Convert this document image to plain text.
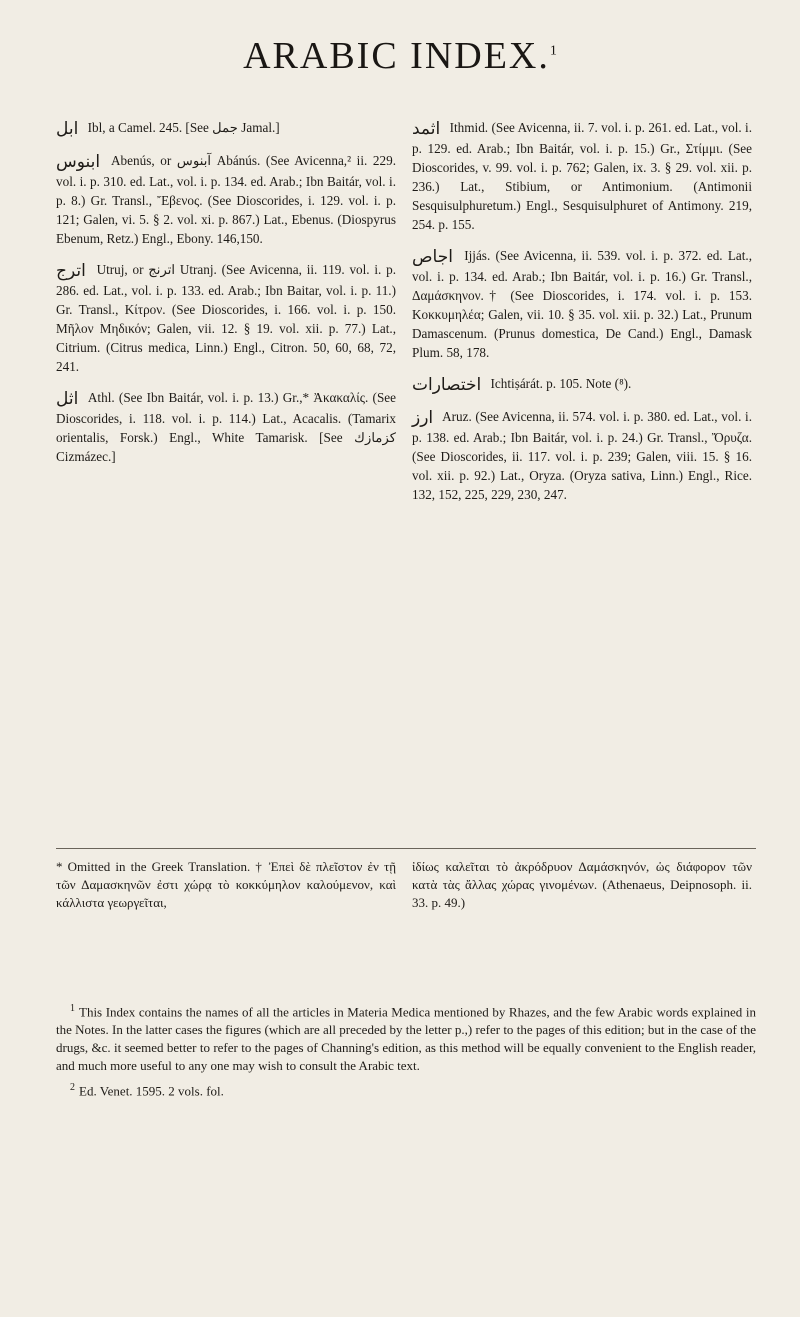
ARABIC INDEX.$^1$
ابل Ibl, a Camel. 245. [See جمل Jamal.]
ابنوس Abenús, or آبنوس Abánús. (See Avicenna,² ii. 229. vol. i. p. 310. ed. Lat., vol. i. p. 134. ed. Arab.; Ibn Baitár, vol. i. p. 8.) Gr. Transl., Ἔβενος. (See Dioscorides, i. 129. vol. i. p. 121; Galen, vi. 5. § 2. vol. xi. p. 867.) Lat., Ebenus. (Diospyrus Ebenum, Retz.) Engl., Ebony. 146,150.
اترج Utruj, or اترنج Utranj. (See Avicenna, ii. 119. vol. i. p. 286. ed. Lat., vol. i. p. 133. ed. Arab.; Ibn Baitar, vol. i. p. 11.) Gr. Transl., Κίτρον. (See Dioscorides, i. 166. vol. i. p. 150. Μῆλον Μηδικόν; Galen, vii. 12. § 19. vol. xii. p. 77.) Lat., Citrium. (Citrus medica, Linn.) Engl., Citron. 50, 60, 68, 72, 241.
اثل Athl. (See Ibn Baitár, vol. i. p. 13.) Gr.,* Ἀκακαλίς. (See Dioscorides, i. 118. vol. i. p. 114.) Lat., Acacalis. (Tamarix orientalis, Forsk.) Engl., White Tamarisk. [See كزمازك Cizmázec.]
اثمد Ithmid. (See Avicenna, ii. 7. vol. i. p. 261. ed. Lat., vol. i. p. 129. ed. Arab.; Ibn Baitár, vol. i. p. 15.) Gr., Στίμμι. (See Dioscorides, v. 99. vol. i. p. 762; Galen, ix. 3. § 29. vol. xii. p. 236.) Lat., Stibium, or Antimonium. (Antimonii Sesquisulphuretum.) Engl., Sesquisulphuret of Antimony. 219, 254. p. 155.
اجاص Ijjás. (See Avicenna, ii. 539. vol. i. p. 372. ed. Lat., vol. i. p. 134. ed. Arab.; Ibn Baitár, vol. i. p. 16.) Gr. Transl., Δαμάσκηνον.† (See Dioscorides, i. 174. vol. i. p. 153. Κοκκυμηλέα; Galen, vii. 10. § 35. vol. xii. p. 32.) Lat., Prunum Damascenum. (Prunus domestica, De Cand.) Engl., Damask Plum. 58, 178.
اختصارات Ichtiṣárát. p. 105. Note (⁸).
ارز Aruz. (See Avicenna, ii. 574. vol. i. p. 380. ed. Lat., vol. i. p. 138. ed. Arab.; Ibn Baitár, vol. i. p. 24.) Gr. Transl., Ὄρυζα. (See Dioscorides, ii. 117. vol. i. p. 239; Galen, viii. 15. § 16. vol. xii. p. 92.) Lat., Oryza. (Oryza sativa, Linn.) Engl., Rice. 132, 152, 225, 229, 230, 247.
* Omitted in the Greek Translation. † Ἐπεὶ δὲ πλεῖστον ἐν τῇ τῶν Δαμασκηνῶν ἐστι χώρᾳ τὸ κοκκύμηλον καλούμενον, καὶ κάλλιστα γεωργεῖται,
ἰδίως καλεῖται τὸ ἀκρόδρυον Δαμάσκηνόν, ὡς διάφορον τῶν κατὰ τὰς ἄλλας χώρας γινομένων. (Athenaeus, Deipnosoph. ii. 33. p. 49.)

$^1$ This Index contains the names of all the articles in Materia Medica mentioned by Rhazes, and the few Arabic words explained in the Notes. In the latter cases the figures (which are all preceded by the letter p.,) refer to the pages of this edition; but in the case of the drugs, &c. it seemed better to refer to the pages of Channing's edition, as this method will be equally convenient to the English reader, and much more useful to any one may wish to consult the Arabic text.

$^2$ Ed. Venet. 1595. 2 vols. fol.
